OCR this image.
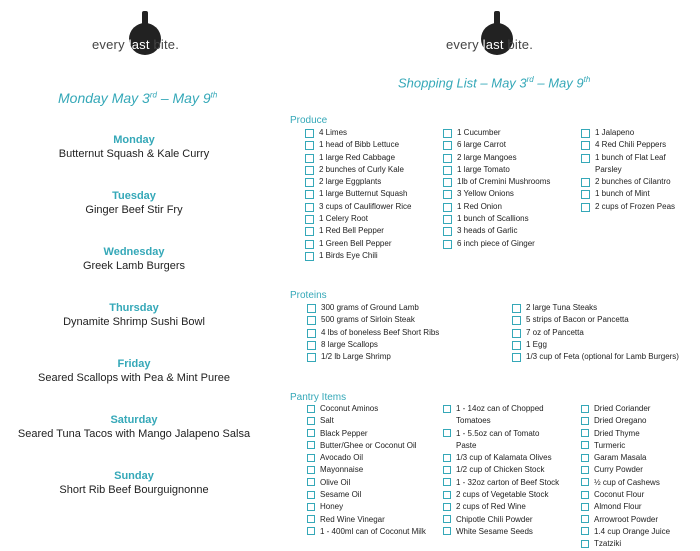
every last bite.	every last bite.
Monday May 3rd – May 9th
Monday
Butternut Squash & Kale Curry
Tuesday
Ginger Beef Stir Fry
Wednesday
Greek Lamb Burgers
Thursday
Dynamite Shrimp Sushi Bowl
Friday
Seared Scallops with Pea & Mint Puree
Saturday
Seared Tuna Tacos with Mango Jalapeno Salsa
Sunday
Short Rib Beef Bourguignonne
Shopping List – May 3rd – May 9th
Produce
4 Limes
1 head of Bibb Lettuce
1 large Red Cabbage
2 bunches of Curly Kale
2 large Eggplants
1 large Butternut Squash
3 cups of Cauliflower Rice
1 Celery Root
1 Red Bell Pepper
1 Green Bell Pepper
1 Birds Eye Chili
1 Cucumber
6 large Carrot
2 large Mangoes
1 large Tomato
1lb of Cremini Mushrooms
3 Yellow Onions
1 Red Onion
1 bunch of Scallions
3 heads of Garlic
6 inch piece of Ginger
1 Jalapeno
4 Red Chili Peppers
1 bunch of Flat Leaf Parsley
2 bunches of Cilantro
1 bunch of Mint
2 cups of Frozen Peas
Proteins
300 grams of Ground Lamb
500 grams of Sirloin Steak
4 lbs of boneless Beef Short Ribs
8 large Scallops
1/2 lb Large Shrimp
2 large Tuna Steaks
5 strips of Bacon or Pancetta
7 oz of Pancetta
1 Egg
1/3 cup of Feta (optional for Lamb Burgers)
Pantry Items
Coconut Aminos
Salt
Black Pepper
Butter/Ghee or Coconut Oil
Avocado Oil
Mayonnaise
Olive Oil
Sesame Oil
Honey
Red Wine Vinegar
1 - 400ml can of Coconut Milk
1 - 14oz can of Chopped Tomatoes
1 - 5.5oz can of Tomato Paste
1/3 cup of Kalamata Olives
1/2 cup of Chicken Stock
1 - 32oz carton of Beef Stock
2 cups of Vegetable Stock
2 cups of Red Wine
Chipotle Chili Powder
White Sesame Seeds
Dried Coriander
Dried Oregano
Dried Thyme
Turmeric
Garam Masala
Curry Powder
½ cup of Cashews
Coconut Flour
Almond Flour
Arrowroot Powder
1.4 cup Orange Juice
Tzatziki
